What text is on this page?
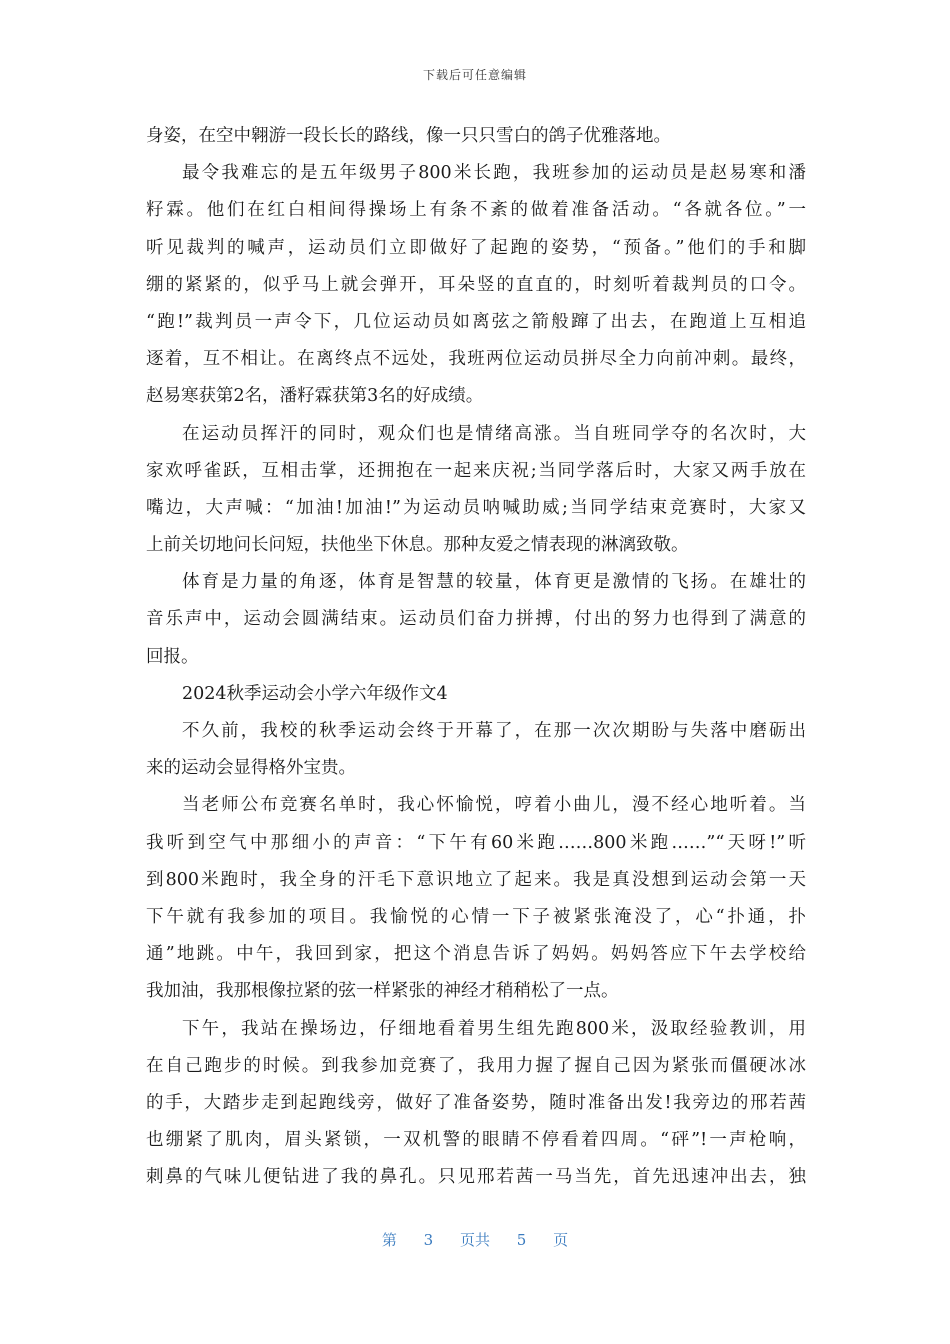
下载后可任意编辑
身姿，在空中翱游一段长长的路线，像一只只雪白的鸽子优雅落地。
最令我难忘的是五年级男子800米长跑，我班参加的运动员是赵易寒和潘
籽霖。他们在红白相间得操场上有条不紊的做着准备活动。“各就各位。”一
听见裁判的喊声，运动员们立即做好了起跑的姿势，“预备。”他们的手和脚
绷的紧紧的，似乎马上就会弹开，耳朵竖的直直的，时刻听着裁判员的口令。
“跑!”裁判员一声令下，几位运动员如离弦之箭般蹿了出去，在跑道上互相追
逐着，互不相让。在离终点不远处，我班两位运动员拼尽全力向前冲刺。最终，
赵易寒获第2名，潘籽霖获第3名的好成绩。
在运动员挥汗的同时，观众们也是情绪高涨。当自班同学夺的名次时，大
家欢呼雀跃，互相击掌，还拥抱在一起来庆祝;当同学落后时，大家又两手放在
嘴边，大声喊：“加油!加油!”为运动员呐喊助威;当同学结束竞赛时，大家又
上前关切地问长问短，扶他坐下休息。那种友爱之情表现的淋漓致敬。
体育是力量的角逐，体育是智慧的较量，体育更是激情的飞扬。在雄壮的
音乐声中，运动会圆满结束。运动员们奋力拼搏，付出的努力也得到了满意的
回报。
2024秋季运动会小学六年级作文4
不久前，我校的秋季运动会终于开幕了，在那一次次期盼与失落中磨砺出
来的运动会显得格外宝贵。
当老师公布竞赛名单时，我心怀愉悦，哼着小曲儿，漫不经心地听着。当
我听到空气中那细小的声音：“下午有60米跑……800米跑……”“天呀!”听
到800米跑时，我全身的汗毛下意识地立了起来。我是真没想到运动会第一天
下午就有我参加的项目。我愉悦的心情一下子被紧张淹没了，心“扑通，扑
通”地跳。中午，我回到家，把这个消息告诉了妈妈。妈妈答应下午去学校给
我加油，我那根像拉紧的弦一样紧张的神经才稍稍松了一点。
下午，我站在操场边，仔细地看着男生组先跑800米，汲取经验教训，用
在自己跑步的时候。到我参加竞赛了，我用力握了握自己因为紧张而僵硬冰冰
的手，大踏步走到起跑线旁，做好了准备姿势，随时准备出发!我旁边的邢若茜
也绷紧了肌肉，眉头紧锁，一双机警的眼睛不停看着四周。“砰”!一声枪响，
刺鼻的气味儿便钻进了我的鼻孔。只见邢若茜一马当先，首先迅速冲出去，独
第 3 页共 5 页
